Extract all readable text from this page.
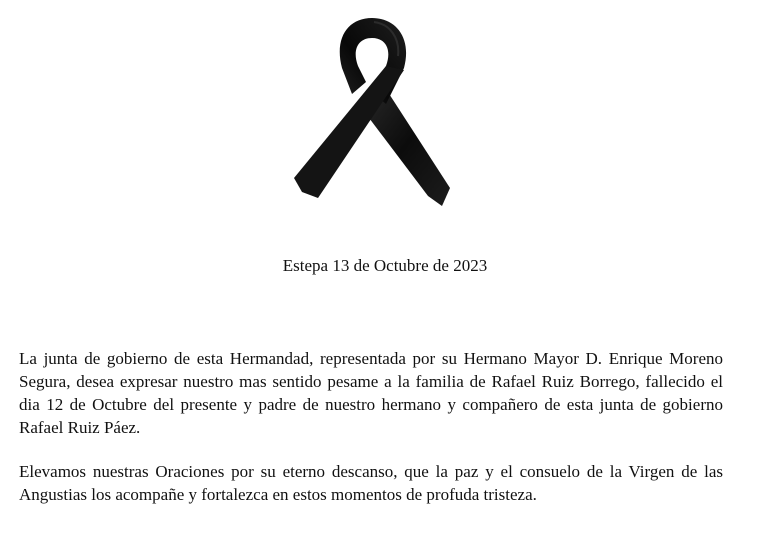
Estepa 13 de Octubre de 2023

La junta de gobierno de esta Hermandad, representada por su Hermano Mayor D. Enrique Moreno Segura, desea expresar nuestro mas sentido pesame a la familia de Rafael Ruiz Borrego, fallecido el dia 12 de Octubre del presente y padre de nuestro hermano y compañero de esta junta de gobierno Rafael Ruiz Páez.

Elevamos nuestras Oraciones por su eterno descanso, que la paz y el consuelo de la Virgen de las Angustias los acompañe y fortalezca en estos momentos de profuda tristeza.
